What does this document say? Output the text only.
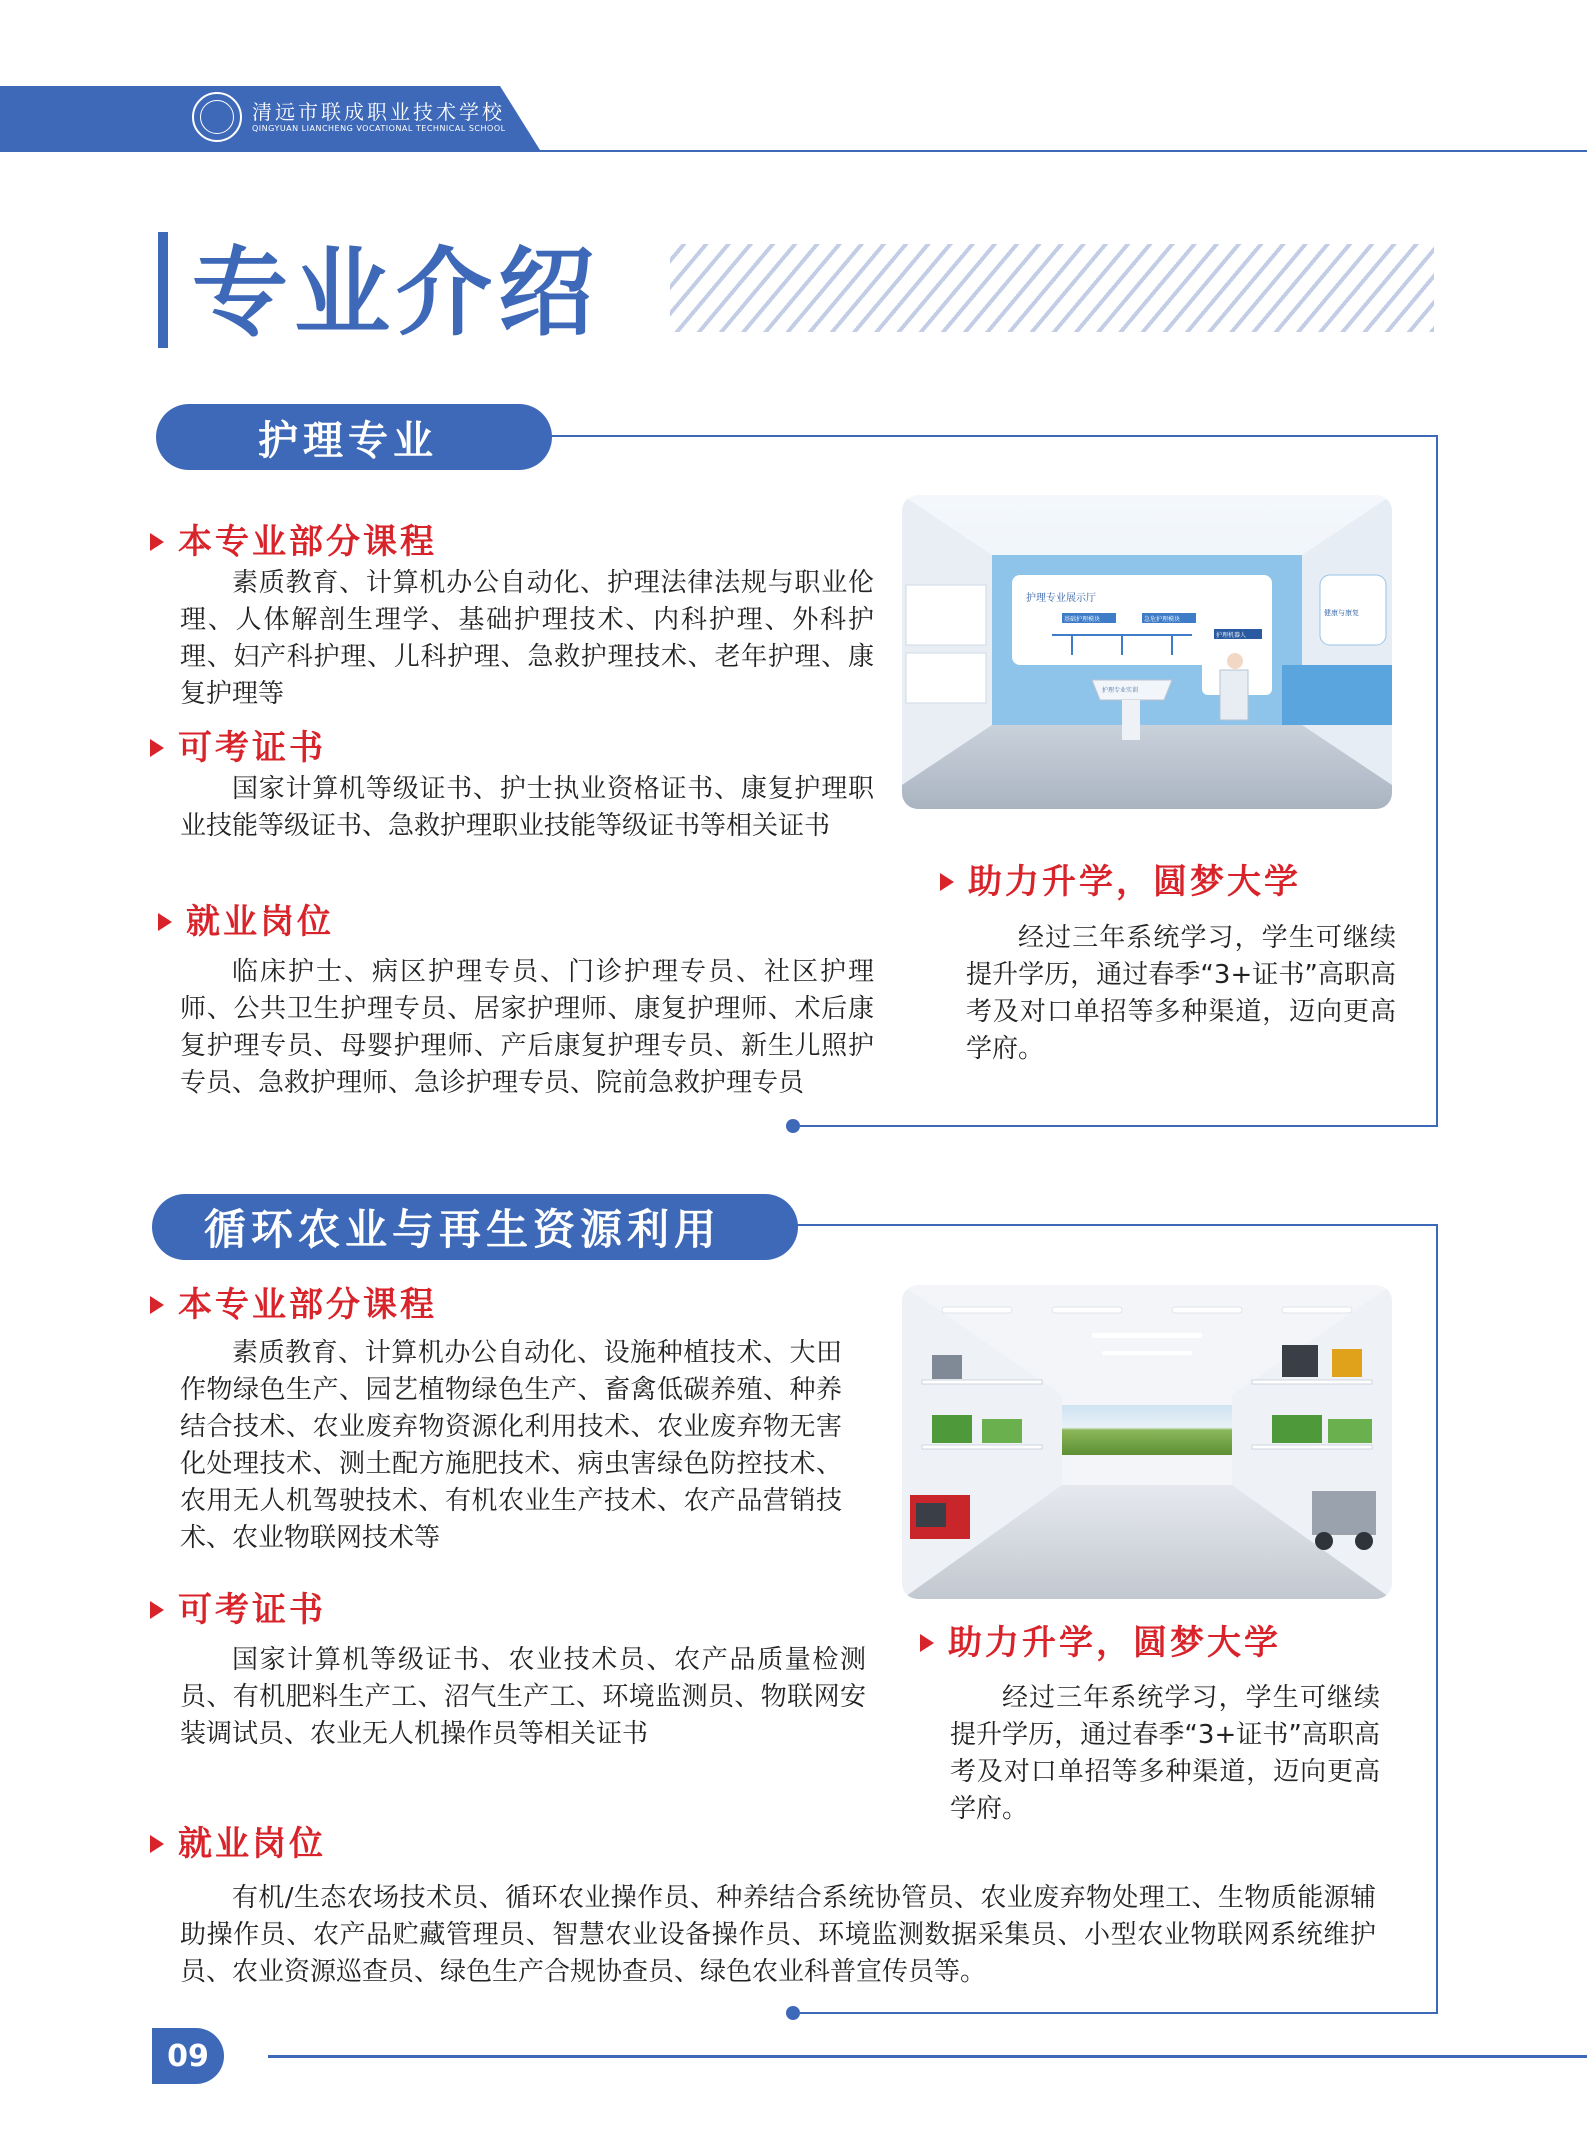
清远市联成职业技术学校
QINGYUAN LIANCHENG VOCATIONAL TECHNICAL SCHOOL
专业介绍
护理专业
本专业部分课程

素质教育、计算机办公自动化、护理法律法规与职业伦理、人体解剖生理学、基础护理技术、内科护理、外科护理、妇产科护理、儿科护理、急救护理技术、老年护理、康复护理等

可考证书

国家计算机等级证书、护士执业资格证书、康复护理职业技能等级证书、急救护理职业技能等级证书等相关证书

就业岗位

临床护士、病区护理专员、门诊护理专员、社区护理师、公共卫生护理专员、居家护理师、康复护理师、术后康复护理专员、母婴护理师、产后康复护理专员、新生儿照护专员、急救护理师、急诊护理专员、院前急救护理专员

护理专业展示厅
基础护理模块	急危护理模块
护理机器人
健康与康复
护理专业实训
助力升学，圆梦大学

经过三年系统学习，学生可继续提升学历，通过春季“3+证书”高职高考及对口单招等多种渠道，迈向更高学府。

循环农业与再生资源利用
本专业部分课程

素质教育、计算机办公自动化、设施种植技术、大田作物绿色生产、园艺植物绿色生产、畜禽低碳养殖、种养结合技术、农业废弃物资源化利用技术、农业废弃物无害化处理技术、测土配方施肥技术、病虫害绿色防控技术、农用无人机驾驶技术、有机农业生产技术、农产品营销技术、农业物联网技术等

可考证书

国家计算机等级证书、农业技术员、农产品质量检测员、有机肥料生产工、沼气生产工、环境监测员、物联网安装调试员、农业无人机操作员等相关证书

助力升学，圆梦大学

经过三年系统学习，学生可继续提升学历，通过春季“3+证书”高职高考及对口单招等多种渠道，迈向更高学府。

就业岗位

有机/生态农场技术员、循环农业操作员、种养结合系统协管员、农业废弃物处理工、生物质能源辅助操作员、农产品贮藏管理员、智慧农业设备操作员、环境监测数据采集员、小型农业物联网系统维护员、农业资源巡查员、绿色生产合规协查员、绿色农业科普宣传员等。

09
